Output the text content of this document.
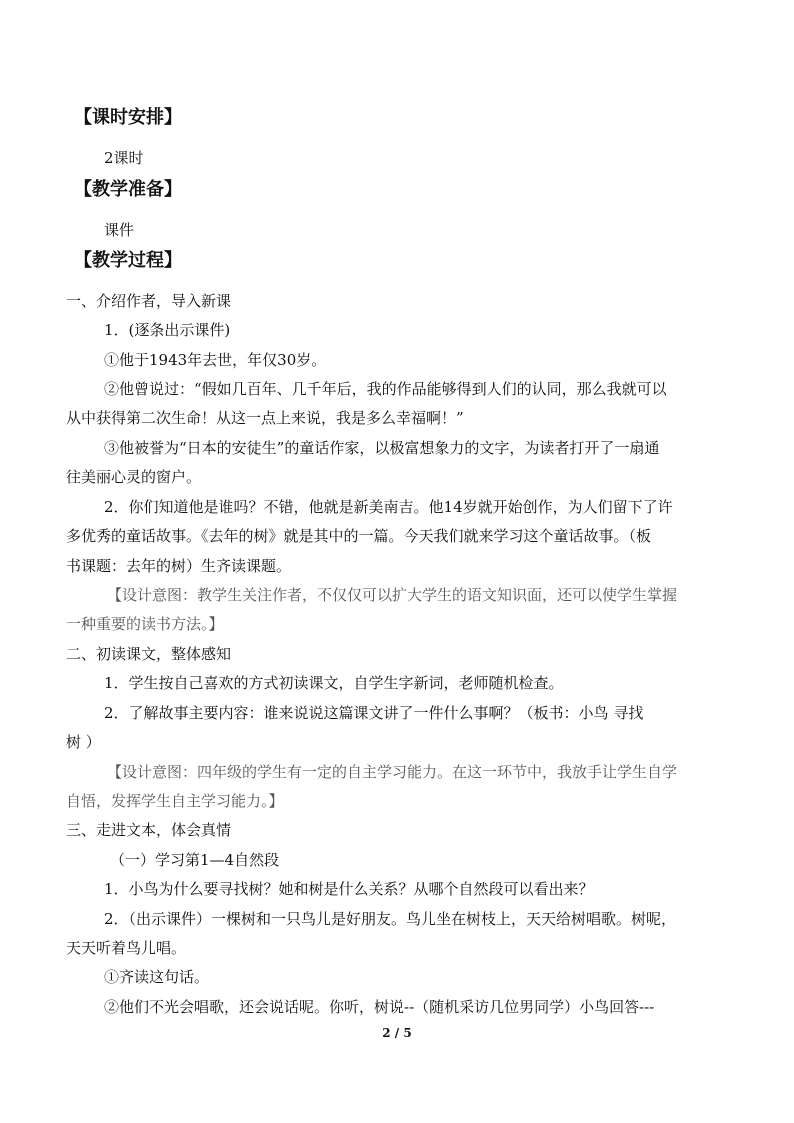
【课时安排】
2课时
【教学准备】
课件
【教学过程】
一、介绍作者，导入新课
1．(逐条出示课件)
①他于1943年去世，年仅30岁。
②他曾说过：“假如几百年、几千年后，我的作品能够得到人们的认同，那么我就可以
从中获得第二次生命！从这一点上来说，我是多么幸福啊！”
③他被誉为“日本的安徒生”的童话作家，以极富想象力的文字，为读者打开了一扇通
往美丽心灵的窗户。
2．你们知道他是谁吗？不错，他就是新美南吉。他14岁就开始创作，为人们留下了许
多优秀的童话故事。《去年的树》就是其中的一篇。今天我们就来学习这个童话故事。（板
书课题：去年的树）生齐读课题。
【设计意图：教学生关注作者，不仅仅可以扩大学生的语文知识面，还可以使学生掌握
一种重要的读书方法。】
二、初读课文，整体感知
1．学生按自己喜欢的方式初读课文，自学生字新词，老师随机检查。
2．了解故事主要内容：谁来说说这篇课文讲了一件什么事啊？（板书：小鸟 寻找
树 ）
【设计意图：四年级的学生有一定的自主学习能力。在这一环节中，我放手让学生自学
自悟，发挥学生自主学习能力。】
三、走进文本，体会真情
（一）学习第1—4自然段
1．小鸟为什么要寻找树？她和树是什么关系？从哪个自然段可以看出来？
2．（出示课件）一棵树和一只鸟儿是好朋友。鸟儿坐在树枝上，天天给树唱歌。树呢，
天天听着鸟儿唱。
①齐读这句话。
②他们不光会唱歌，还会说话呢。你听，树说--（随机采访几位男同学）小鸟回答---
2 / 5
